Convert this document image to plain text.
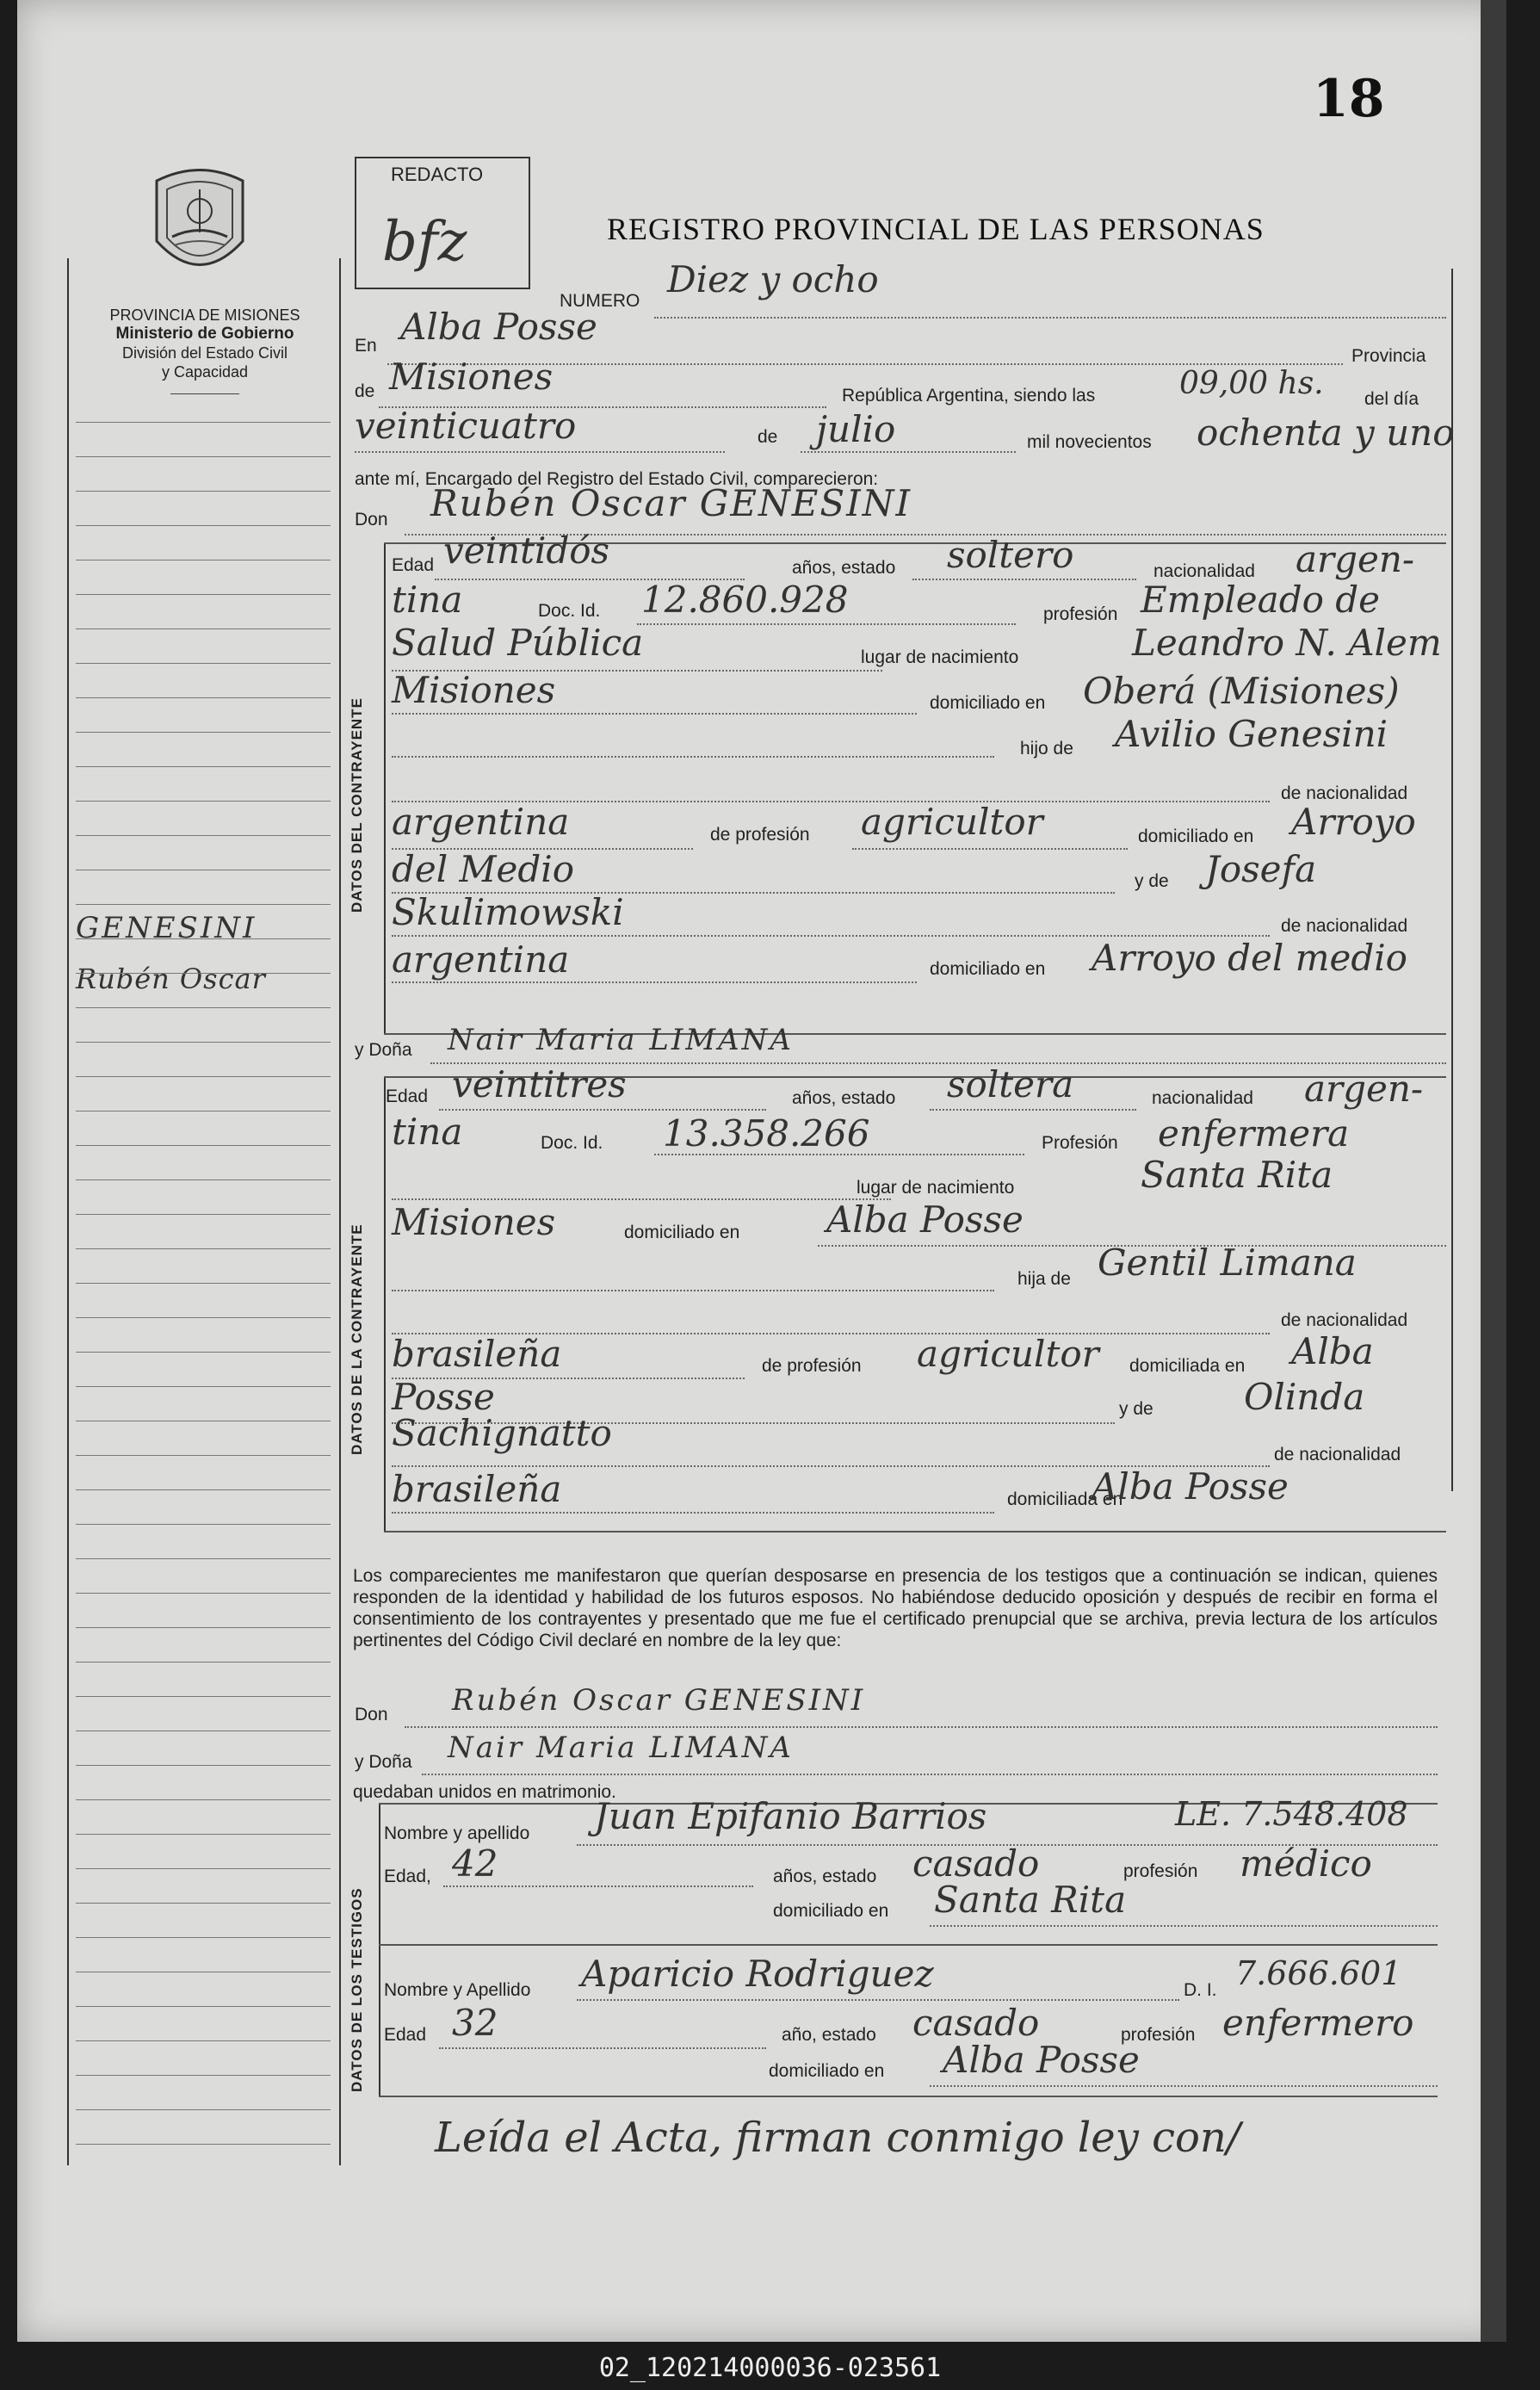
18
PROVINCIA DE MISIONES
Ministerio de Gobierno
División del Estado Civil
y Capacidad
GENESINI
Rubén Oscar
REDACTO
bfz	REGISTRO PROVINCIAL DE LAS PERSONAS
NUMERO
Diez y ocho
En Alba Posse
Provincia
de Misiones	República Argentina, siendo las	09,00 hs. del día
veinticuatro	de julio	mil novecientos ochenta y uno
ante mí, Encargado del Registro del Estado Civil, comparecieron:
Don Rubén Oscar GENESINI
DATOS DEL CONTRAYENTE
Edad veintidós	años, estado soltero	nacionalidad argen-
tina	Doc. Id. 12.860.928	profesión Empleado de
Salud Pública	lugar de nacimiento	Leandro N. Alem
Misiones	domiciliado en Oberá (Misiones)
hijo de Avilio Genesini
de nacionalidad
argentina	de profesión agricultor	domiciliado en Arroyo
del Medio	y de Josefa
Skulimowski	de nacionalidad
argentina	domiciliado en Arroyo del medio
y Doña Nair Maria LIMANA
DATOS DE LA CONTRAYENTE
Edad veintitres	años, estado soltera	nacionalidad argen-
tina	Doc. Id. 13.358.266	Profesión enfermera
lugar de nacimiento	Santa Rita
Misiones	domiciliado en Alba Posse
hija de Gentil Limana
de nacionalidad
brasileña	de profesión agricultor domiciliada en Alba
Posse	y de	Olinda
Sachignatto
de nacionalidad
brasileña	domiciliada en
Alba Posse
Los comparecientes me manifestaron que querían desposarse en presencia de los testigos que a continuación se indican, quienes responden de la identidad y habilidad de los futuros esposos. No habiéndose deducido oposición y después de recibir en forma el consentimiento de los contrayentes y presentado que me fue el certificado prenupcial que se archiva, previa lectura de los artículos pertinentes del Código Civil declaré en nombre de la ley que:
Don Rubén Oscar GENESINI
y Doña Nair Maria LIMANA
quedaban unidos en matrimonio.
DATOS DE LOS TESTIGOS
Nombre y apellido Juan Epifanio Barrios	LE. 7.548.408
Edad, 42	años, estado casado	profesión médico
domiciliado en Santa Rita
Nombre y Apellido Aparicio Rodriguez	D. I. 7.666.601
Edad 32	año, estado casado	profesión enfermero
domiciliado en Alba Posse
Leída el Acta, firman conmigo ley con/
02_120214000036-023561
